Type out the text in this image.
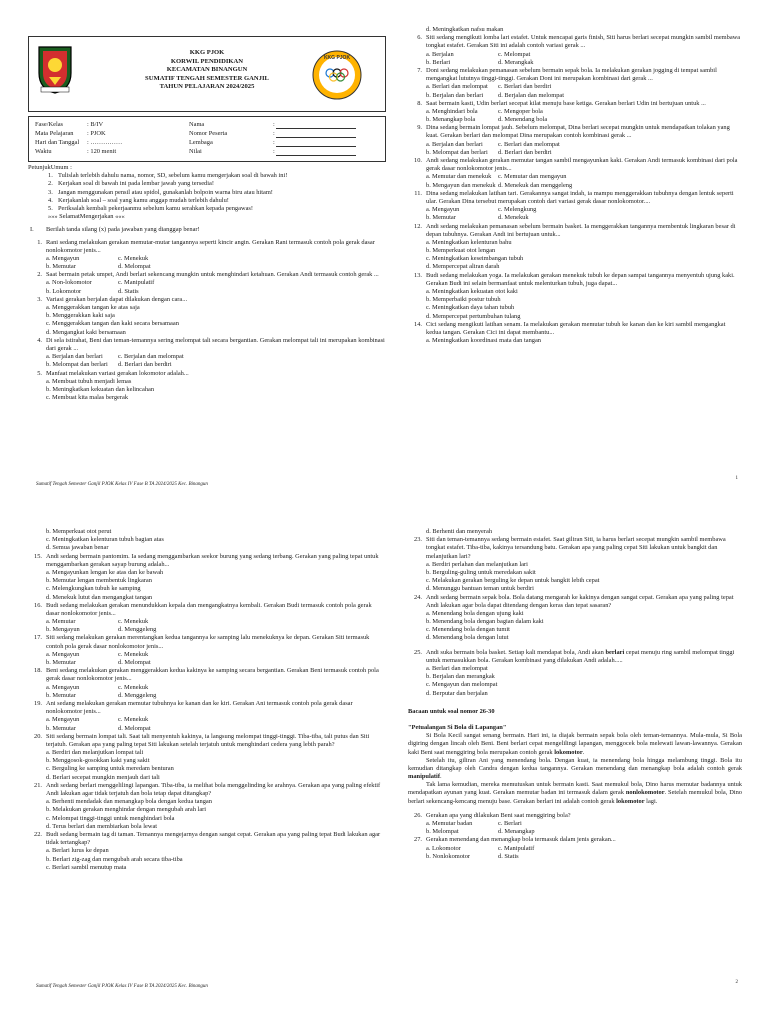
KKG PJOK
KORWIL PENDIDIKAN
KECAMATAN BINANGUN
SUMATIF TENGAH SEMESTER GANJIL
TAHUN PELAJARAN 2024/2025
KKG PJOK
Fase/Kelas	: B/IV
Mata Pelajaran : PJOK
Hari dan Tanggal : ……………
Waktu	: 120 menit
Nama	:
Nomor Peserta	:
Lembaga	:
Nilai	:
PetunjukUmum :
1. Tulislah terlebih dahulu nama, nomor, SD, sebelum kamu mengerjakan soal di bawah ini!
2. Kerjakan soal di bawah ini pada lembar jawab yang tersedia!
3. Jangan menggunakan pensil atau spidol, gunakanlah bolpoin warna biru atau hitam!
4. Kerjakanlah soal – soal yang kamu anggap mudah terlebih dahulu!
5. Periksalah kembali pekerjaanmu sebelum kamu serahkan kepada pengawas!
»»» SelamatMengerjakan «««
I.	Berilah tanda silang (x) pada jawaban yang dianggap benar!
1. Rani sedang melakukan gerakan memutar-mutar tangannya seperti kincir angin. Gerakan Rani termasuk contoh pola gerak dasar nonlokomotor jenis...
a. Mengayun	c. Menekuk
b. Memutar	d. Melompat
2. Saat bermain petak umpet, Andi berlari sekencang mungkin untuk menghindari ketahuan. Gerakan Andi termasuk contoh gerak ...
a. Non-lokomotor	c. Manipulatif
b. Lokomotor	d. Statis
3. Variasi gerakan berjalan dapat dilakukan dengan cara...
a. Menggerakkan tangan ke atas saja
b. Menggerakkan kaki saja
c. Menggerakkan tangan dan kaki secara bersamaan
d. Mengangkat kaki bersamaan
4. Di sela istirahat, Beni dan teman-temannya sering melompat tali secara bergantian. Gerakan melompat tali ini merupakan kombinasi dari gerak ...
a. Berjalan dan berlari	c. Berjalan dan melompat
b. Melompat dan berlari	d. Berlari dan berdiri
5. Manfaat melakukan variasi gerakan lokomotor adalah...
a. Membuat tubuh menjadi lemas
b. Meningkatkan kekuatan dan kelincahan
c. Membuat kita malas bergerak
Sumatif Tengah Semester Ganjil PJOK Kelas IV Fase B TA 2024/2025 Kec. Binangun
d. Meningkatkan nafsu makan
6. Siti sedang mengikuti lomba lari estafet. Untuk mencapai garis finish, Siti harus berlari secepat mungkin sambil membawa tongkat estafet. Gerakan Siti ini adalah contoh variasi gerak ...
a. Berjalan	c. Melompat
b. Berlari	d. Merangkak
7. Doni sedang melakukan pemanasan sebelum bermain sepak bola. Ia melakukan gerakan jogging di tempat sambil mengangkat lututnya tinggi-tinggi. Gerakan Doni ini merupakan kombinasi dari gerak ...
a. Berlari dan melompat	c. Berlari dan berdiri
b. Berjalan dan berlari	d. Berjalan dan melompat
8. Saat bermain kasti, Udin berlari secepat kilat menuju base ketiga. Gerakan berlari Udin ini bertujuan untuk ...
a. Menghindari bola	c. Mengoper bola
b. Menangkap bola	d. Menendang bola
9. Dina sedang bermain lompat jauh. Sebelum melompat, Dina berlari secepat mungkin untuk mendapatkan tolakan yang kuat. Gerakan berlari dan melompat Dina merupakan contoh kombinasi gerak ...
a. Berjalan dan berlari	c. Berlari dan melompat
b. Melompat dan berlari	d. Berlari dan berdiri
10. Andi sedang melakukan gerakan memutar tangan sambil mengayunkan kaki. Gerakan Andi termasuk kombinasi dari pola gerak dasar nonlokomotor jenis...
a. Memutar dan menekuk	c. Memutar dan mengayun
b. Mengayun dan menekuk d. Menekuk dan menggeleng
11. Dina sedang melakukan latihan tari. Gerakannya sangat indah, ia mampu menggerakkan tubuhnya dengan lentuk seperti ular. Gerakan Dina tersebut merupakan contoh dari variasi gerak dasar nonlokomotor....
a. Mengayun	c. Melengkung
b. Memutar	d. Menekuk
12. Andi sedang melakukan pemanasan sebelum bermain basket. Ia menggerakkan tangannya membentuk lingkaran besar di depan tubuhnya. Gerakan Andi ini bertujuan untuk...
a. Meningkatkan kelenturan bahu
b. Memperkuat otot lengan
c. Meningkatkan keseimbangan tubuh
d. Mempercepat aliran darah
13. Budi sedang melakukan yoga. Ia melakukan gerakan menekuk tubuh ke depan sampai tangannya menyentuh ujung kaki. Gerakan Budi ini selain bermanfaat untuk melenturkan tubuh, juga dapat...
a. Meningkatkan kekuatan otot kaki
b. Memperbaiki postur tubuh
c. Meningkatkan daya tahan tubuh
d. Mempercepat pertumbuhan tulang
14. Cici sedang mengikuti latihan senam. Ia melakukan gerakan memutar tubuh ke kanan dan ke kiri sambil mengangkat kedua tangan. Gerakan Cici ini dapat membantu...
a. Meningkatkan koordinasi mata dan tangan
1
b. Memperkuat otot perut
c. Meningkatkan kelenturan tubuh bagian atas
d. Semua jawaban benar
15. Andi sedang bermain pantomim. Ia sedang menggambarkan seekor burung yang sedang terbang. Gerakan yang paling tepat untuk menggambarkan gerakan sayap burung adalah...
a. Mengayunkan lengan ke atas dan ke bawah
b. Memutar lengan membentuk lingkaran
c. Melengkungkan tubuh ke samping
d. Menekuk lutut dan mengangkat tangan
16. Budi sedang melakukan gerakan menundukkan kepala dan mengangkatnya kembali. Gerakan Budi termasuk contoh pola gerak dasar nonlokomotor jenis...
a. Memutar	c. Menekuk
b. Mengayun	d. Menggeleng
17. Siti sedang melakukan gerakan merentangkan kedua tangannya ke samping lalu menekuknya ke depan. Gerakan Siti termasuk contoh pola gerak dasar nonlokomotor jenis...
a. Mengayun	c. Menekuk
b. Memutar	d. Melompat
18. Beni sedang melakukan gerakan menggerakkan kedua kakinya ke samping secara bergantian. Gerakan Beni termasuk contoh pola gerak dasar nonlokomotor jenis...
a. Mengayun	c. Menekuk
b. Memutar	d. Menggeleng
19. Ani sedang melakukan gerakan memutar tubuhnya ke kanan dan ke kiri. Gerakan Ani termasuk contoh pola gerak dasar nonlokomotor jenis...
a. Mengayun	c. Menekuk
b. Memutar	d. Melompat
20. Siti sedang bermain lompat tali. Saat tali menyentuh kakinya, ia langsung melompat tinggi-tinggi. Tiba-tiba, tali putus dan Siti terjatuh. Gerakan apa yang paling tepat Siti lakukan setelah terjatuh untuk menghindari cedera yang lebih parah?
a. Berdiri dan melanjutkan lompat tali
b. Menggosok-gosokkan kaki yang sakit
c. Berguling ke samping untuk meredam benturan
d. Berlari secepat mungkin menjauh dari tali
21. Andi sedang berlari menggelilingi lapangan. Tiba-tiba, ia melihat bola menggelinding ke arahnya. Gerakan apa yang paling efektif Andi lakukan agar tidak terjatuh dan bola tetap dapat ditangkap?
a. Berhenti mendadak dan menangkap bola dengan kedua tangan
b. Melakukan gerakan menghindar dengan mengubah arah lari
c. Melompat tinggi-tinggi untuk menghindari bola
d. Terus berlari dan membiarkan bola lewat
22. Budi sedang bermain tag di taman. Temannya mengejarnya dengan sangat cepat. Gerakan apa yang paling tepat Budi lakukan agar tidak tertangkap?
a. Berlari lurus ke depan
b. Berlari zig-zag dan mengubah arah secara tiba-tiba
c. Berlari sambil menutup mata
Sumatif Tengah Semester Ganjil PJOK Kelas IV Fase B TA 2024/2025 Kec. Binangun
d. Berhenti dan menyerah
23. Siti dan teman-temannya sedang bermain estafet. Saat giliran Siti, ia harus berlari secepat mungkin sambil membawa tongkat estafet. Tiba-tiba, kakinya tersandung batu. Gerakan apa yang paling cepat Siti lakukan untuk bangkit dan melanjutkan lari?
a. Berdiri perlahan dan melanjutkan lari
b. Berguling-guling untuk meredakan sakit
c. Melakukan gerakan berguling ke depan untuk bangkit lebih cepat
d. Menunggu bantuan teman untuk berdiri
24. Andi sedang bermain sepak bola. Bola datang mengarah ke kakinya dengan sangat cepat. Gerakan apa yang paling tepat Andi lakukan agar bola dapat ditendang dengan keras dan tepat sasaran?
a. Menendang bola dengan ujung kaki
b. Menendang bola dengan bagian dalam kaki
c. Menendang bola dengan tumit
d. Menendang bola dengan lutut
25. Andi suka bermain bola basket. Setiap kali mendapat bola, Andi akan berlari cepat menuju ring sambil melompat tinggi untuk memasukkan bola. Gerakan kombinasi yang dilakukan Andi adalah.....
a. Berlari dan melompat
b. Berjalan dan merangkak
c. Mengayun dan melompat
d. Berputar dan berjalan
Bacaan untuk soal nomor 26-30
"Petualangan Si Bola di Lapangan"

Si Bola Kecil sangat senang bermain. Hari ini, ia diajak bermain sepak bola oleh teman-temannya. Mula-mula, Si Bola digiring dengan lincah oleh Beni. Beni berlari cepat mengelilingi lapangan, menggocek bola melewati lawan-lawannya. Gerakan kaki Beni saat menggiring bola merupakan contoh gerak lokomotor.

Setelah itu, giliran Ani yang menendang bola. Dengan kuat, ia menendang bola hingga melambung tinggi. Bola itu kemudian ditangkap oleh Candra dengan kedua tangannya. Gerakan menendang dan menangkap bola adalah contoh gerak manipulatif.

Tak lama kemudian, mereka memutuskan untuk bermain kasti. Saat memukul bola, Dino harus memutar badannya untuk mendapatkan ayunan yang kuat. Gerakan memutar badan ini termasuk dalam gerak nonlokomotor. Setelah memukul bola, Dino berlari sekencang-kencang menuju base. Gerakan berlari ini adalah contoh gerak lokomotor lagi.

26. Gerakan apa yang dilakukan Beni saat menggiring bola?
a. Memutar badan	c. Berlari
b. Melompat	d. Menangkap
27. Gerakan menendang dan menangkap bola termasuk dalam jenis gerakan...
a. Lokomotor	c. Manipulatif
b. Nonlokomotor	d. Statis
2
